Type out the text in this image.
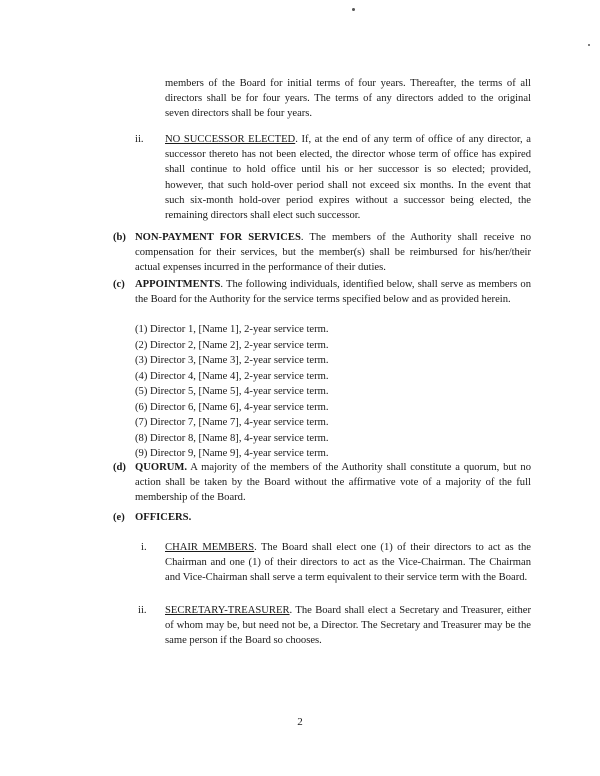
members of the Board for initial terms of four years. Thereafter, the terms of all directors shall be for four years. The terms of any directors added to the original seven directors shall be four years.

ii. NO SUCCESSOR ELECTED. If, at the end of any term of office of any director, a successor thereto has not been elected, the director whose term of office has expired shall continue to hold office until his or her successor is so elected; provided, however, that such hold-over period shall not exceed six months. In the event that such six-month hold-over period expires without a successor being elected, the remaining directors shall elect such successor.

(b) NON-PAYMENT FOR SERVICES. The members of the Authority shall receive no compensation for their services, but the member(s) shall be reimbursed for his/her/their actual expenses incurred in the performance of their duties.

(c) APPOINTMENTS. The following individuals, identified below, shall serve as members on the Board for the Authority for the service terms specified below and as provided herein.

(1) Director 1, [Name 1], 2-year service term.
(2) Director 2, [Name 2], 2-year service term.
(3) Director 3, [Name 3], 2-year service term.
(4) Director 4, [Name 4], 2-year service term.
(5) Director 5, [Name 5], 4-year service term.
(6) Director 6, [Name 6], 4-year service term.
(7) Director 7, [Name 7], 4-year service term.
(8) Director 8, [Name 8], 4-year service term.
(9) Director 9, [Name 9], 4-year service term.
(d) QUORUM. A majority of the members of the Authority shall constitute a quorum, but no action shall be taken by the Board without the affirmative vote of a majority of the full membership of the Board.

(e) OFFICERS.
i. CHAIR MEMBERS. The Board shall elect one (1) of their directors to act as the Chairman and one (1) of their directors to act as the Vice-Chairman. The Chairman and Vice-Chairman shall serve a term equivalent to their service term with the Board.

ii. SECRETARY-TREASURER. The Board shall elect a Secretary and Treasurer, either of whom may be, but need not be, a Director. The Secretary and Treasurer may be the same person if the Board so chooses.

2
